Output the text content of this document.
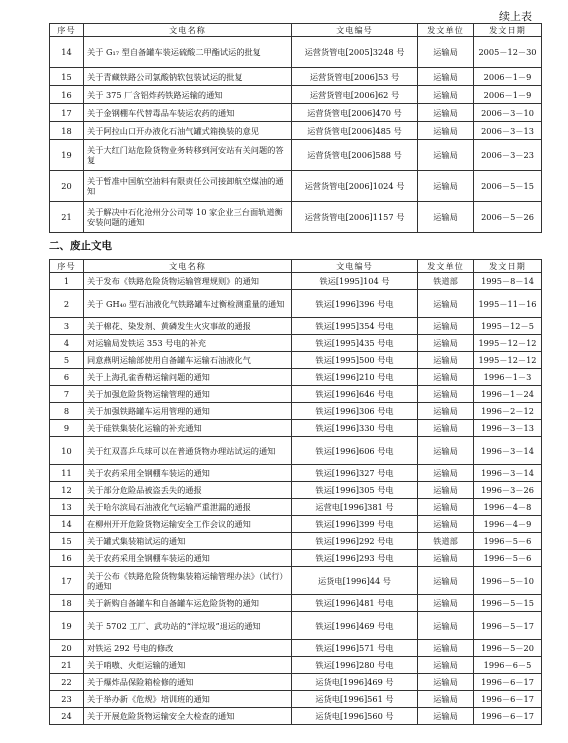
续上表
序号	文电名称	文电编号	发文单位	发文日期
14	关于 G₁₇ 型自备罐车装运硫酸二甲酯试运的批复	运营货管电[2005]3248 号	运输局	2005－12－30
15	关于青藏铁路公司氯酸钠软包装试运的批复	运营货管电[2006]53 号	运输局	2006－1－9
16	关于 375 厂含铝炸药铁路运输的通知	运营货管电[2006]62 号	运输局	2006－1－9
17	关于金钢棚车代替毒品车装运农药的通知	运营货管电[2006]470 号	运输局	2006－3－10
18	关于阿拉山口开办液化石油气罐式箱换装的意见	运营货管电[2006]485 号	运输局	2006－3－13
19	关于大红门站危险货物业务转移到河安站有关问题的答复	运营货管电[2006]588 号	运输局	2006－3－23
20	关于暂准中国航空油料有限责任公司接卸航空煤油的通知	运营货管电[2006]1024 号	运输局	2006－5－15
21	关于解决中石化沧州分公司等 10 家企业三台面轨道衡安装问题的通知	运营货管电[2006]1157 号	运输局	2006－5－26
二、废止文电
序号	文电名称	文电编号	发文单位	发文日期
1	关于发布《铁路危险货物运输管理规则》的通知	铁运[1995]104 号	铁道部	1995－8－14
2	关于 GH₄₀ 型石油液化气铁路罐车过衡检测重量的通知	铁运[1996]396 号电	运输局	1995－11－16
3	关于棉花、染发剂、黄磷发生火灾事故的通报	铁运[1995]354 号电	运输局	1995－12－5
4	对运输局发铁运 353 号电的补充	铁运[1995]435 号电	运输局	1995－12－12
5	同意燕明运输部使用自备罐车运输石油液化气	铁运[1995]500 号电	运输局	1995－12－12
6	关于上海孔雀香精运输问题的通知	铁运[1996]210 号电	运输局	1996－1－3
7	关于加强危险货物运输管理的通知	铁运[1996]646 号电	运输局	1996－1－24
8	关于加强铁路罐车运用管理的通知	铁运[1996]306 号电	运输局	1996－2－12
9	关于硅铁集装化运输的补充通知	铁运[1996]330 号电	运输局	1996－3－13
10	关于红双喜乒乓球可以在普通货物办理站试运的通知	铁运[1996]606 号电	运输局	1996－3－14
11	关于农药采用全钢棚车装运的通知	铁运[1996]327 号电	运输局	1996－3－14
12	关于部分危险品被盗丢失的通报	铁运[1996]305 号电	运输局	1996－3－26
13	关于哈尔滨局石油液化气运输严重泄漏的通报	运营电[1996]381 号	运输局	1996－4－8
14	在柳州开开危险货物运输安全工作会议的通知	铁运[1996]399 号电	运输局	1996－4－9
15	关于罐式集装箱试运的通知	铁运[1996]292 号电	铁道部	1996－5－6
16	关于农药采用全钢棚车装运的通知	铁运[1996]293 号电	运输局	1996－5－6
17	关于公布《铁路危险货物集装箱运输管理办法》（试行）的通知	运货电[1996]44 号	运输局	1996－5－10
18	关于新购自备罐车和自备罐车运危险货物的通知	铁运[1996]481 号电	运输局	1996－5－15
19	关于 5702 工厂、武功站的“洋垃圾”退运的通知	铁运[1996]469 号电	运输局	1996－5－17
20	对铁运 292 号电的修改	铁运[1996]571 号电	运输局	1996－5－20
21	关于哨嗷、火炬运输的通知	铁运[1996]280 号电	运输局	1996－6－5
22	关于爆炸品保险箱检修的通知	运货电[1996]469 号	运输局	1996－6－17
23	关于举办新《危规》培训班的通知	运货电[1996]561 号	运输局	1996－6－17
24	关于开展危险货物运输安全大检查的通知	运货电[1996]560 号	运输局	1996－6－17
